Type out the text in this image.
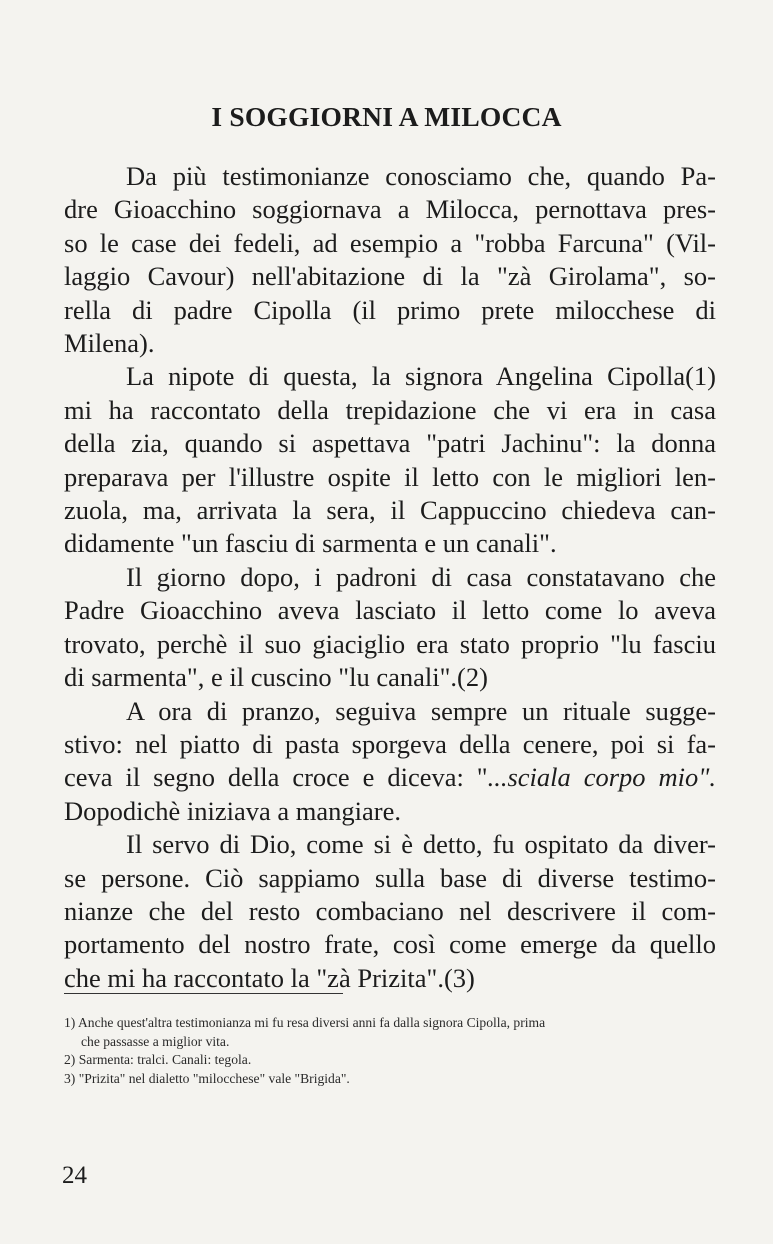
I SOGGIORNI A MILOCCA
Da più testimonianze conosciamo che, quando Pa-
dre Gioacchino soggiornava a Milocca, pernottava pres-
so le case dei fedeli, ad esempio a "robba Farcuna" (Vil-
laggio Cavour) nell'abitazione di la "zà Girolama", so-
rella di padre Cipolla (il primo prete milocchese di
Milena).
La nipote di questa, la signora Angelina Cipolla(1)
mi ha raccontato della trepidazione che vi era in casa
della zia, quando si aspettava "patri Jachinu": la donna
preparava per l'illustre ospite il letto con le migliori len-
zuola, ma, arrivata la sera, il Cappuccino chiedeva can-
didamente "un fasciu di sarmenta e un canali".
Il giorno dopo, i padroni di casa constatavano che
Padre Gioacchino aveva lasciato il letto come lo aveva
trovato, perchè il suo giaciglio era stato proprio "lu fasciu
di sarmenta", e il cuscino "lu canali".(2)
A ora di pranzo, seguiva sempre un rituale sugge-
stivo: nel piatto di pasta sporgeva della cenere, poi si fa-
ceva il segno della croce e diceva: "...sciala corpo mio".
Dopodichè iniziava a mangiare.
Il servo di Dio, come si è detto, fu ospitato da diver-
se persone. Ciò sappiamo sulla base di diverse testimo-
nianze che del resto combaciano nel descrivere il com-
portamento del nostro frate, così come emerge da quello
che mi ha raccontato la "zà Prizita".(3)
1) Anche quest'altra testimonianza mi fu resa diversi anni fa dalla signora Cipolla, prima
che passasse a miglior vita.
2) Sarmenta: tralci. Canali: tegola.
3) "Prizita" nel dialetto "milocchese" vale "Brigida".
24
